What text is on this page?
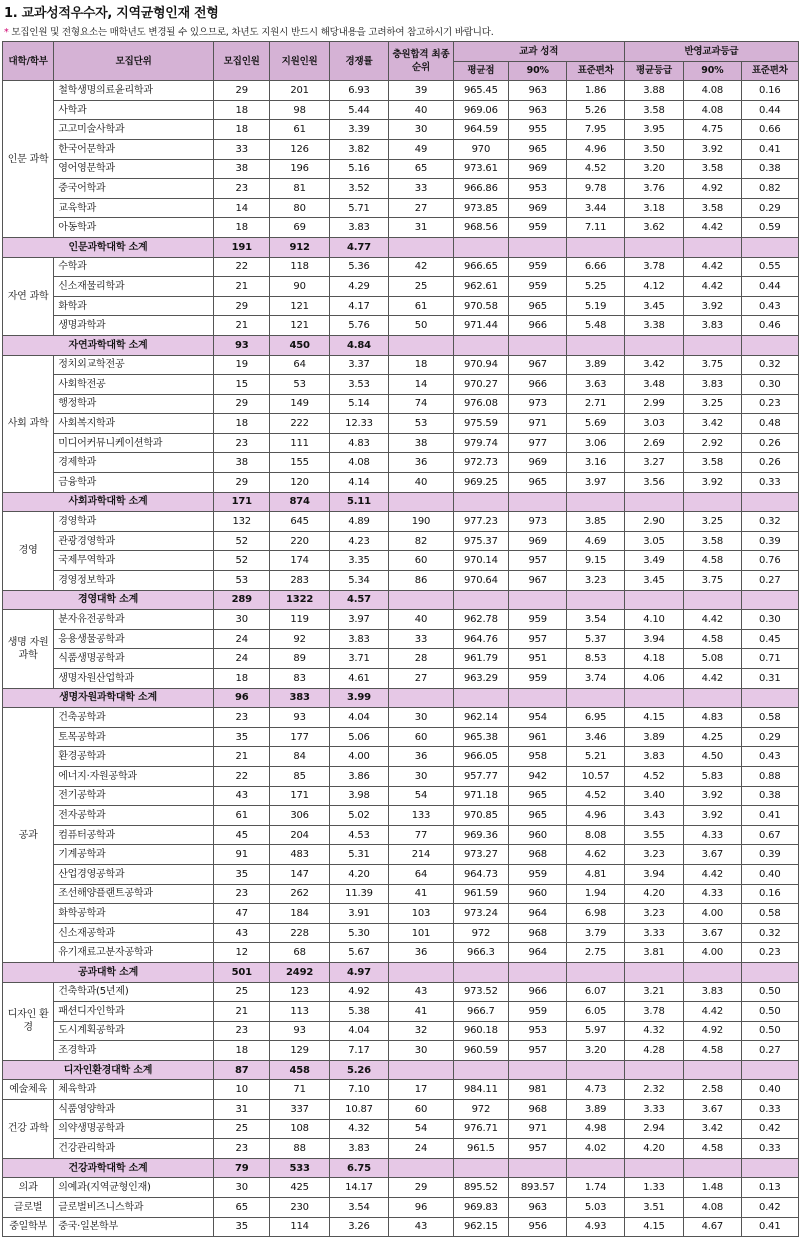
1. 교과성적우수자, 지역균형인재 전형
* 모집인원 및 전형요소는 매학년도 변경될 수 있으므로, 차년도 지원시 반드시 해당내용을 고려하여 참고하시기 바랍니다.
대학/학부	모집단위	모집인원	지원인원	경쟁률	충원합격 최종순위	교과 성적			반영교과등급		
						평균점	90%	표준편차	평균등급	90%	표준편차
인문 과학	철학생명의료윤리학과	29	201	6.93	39	965.45	963	1.86	3.88	4.08	0.16
	사학과	18	98	5.44	40	969.06	963	5.26	3.58	4.08	0.44
	고고미술사학과	18	61	3.39	30	964.59	955	7.95	3.95	4.75	0.66
	한국어문학과	33	126	3.82	49	970	965	4.96	3.50	3.92	0.41
	영어영문학과	38	196	5.16	65	973.61	969	4.52	3.20	3.58	0.38
	중국어학과	23	81	3.52	33	966.86	953	9.78	3.76	4.92	0.82
	교육학과	14	80	5.71	27	973.85	969	3.44	3.18	3.58	0.29
	아동학과	18	69	3.83	31	968.56	959	7.11	3.62	4.42	0.59
인문과학대학 소계		191	912	4.77							
자연 과학	수학과	22	118	5.36	42	966.65	959	6.66	3.78	4.42	0.55
	신소재물리학과	21	90	4.29	25	962.61	959	5.25	4.12	4.42	0.44
	화학과	29	121	4.17	61	970.58	965	5.19	3.45	3.92	0.43
	생명과학과	21	121	5.76	50	971.44	966	5.48	3.38	3.83	0.46
자연과학대학 소계		93	450	4.84							
사회 과학	정치외교학전공	19	64	3.37	18	970.94	967	3.89	3.42	3.75	0.32
	사회학전공	15	53	3.53	14	970.27	966	3.63	3.48	3.83	0.30
	행정학과	29	149	5.14	74	976.08	973	2.71	2.99	3.25	0.23
	사회복지학과	18	222	12.33	53	975.59	971	5.69	3.03	3.42	0.48
	미디어커뮤니케이션학과	23	111	4.83	38	979.74	977	3.06	2.69	2.92	0.26
	경제학과	38	155	4.08	36	972.73	969	3.16	3.27	3.58	0.26
	금융학과	29	120	4.14	40	969.25	965	3.97	3.56	3.92	0.33
사회과학대학 소계		171	874	5.11							
경영	경영학과	132	645	4.89	190	977.23	973	3.85	2.90	3.25	0.32
	관광경영학과	52	220	4.23	82	975.37	969	4.69	3.05	3.58	0.39
	국제무역학과	52	174	3.35	60	970.14	957	9.15	3.49	4.58	0.76
	경영정보학과	53	283	5.34	86	970.64	967	3.23	3.45	3.75	0.27
경영대학 소계		289	1322	4.57							
생명 자원 과학	분자유전공학과	30	119	3.97	40	962.78	959	3.54	4.10	4.42	0.30
	응용생물공학과	24	92	3.83	33	964.76	957	5.37	3.94	4.58	0.45
	식품생명공학과	24	89	3.71	28	961.79	951	8.53	4.18	5.08	0.71
	생명자원산업학과	18	83	4.61	27	963.29	959	3.74	4.06	4.42	0.31
생명자원과학대학 소계		96	383	3.99							
공과	건축공학과	23	93	4.04	30	962.14	954	6.95	4.15	4.83	0.58
	토목공학과	35	177	5.06	60	965.38	961	3.46	3.89	4.25	0.29
	환경공학과	21	84	4.00	36	966.05	958	5.21	3.83	4.50	0.43
	에너지·자원공학과	22	85	3.86	30	957.77	942	10.57	4.52	5.83	0.88
	전기공학과	43	171	3.98	54	971.18	965	4.52	3.40	3.92	0.38
	전자공학과	61	306	5.02	133	970.85	965	4.96	3.43	3.92	0.41
	컴퓨터공학과	45	204	4.53	77	969.36	960	8.08	3.55	4.33	0.67
	기계공학과	91	483	5.31	214	973.27	968	4.62	3.23	3.67	0.39
	산업경영공학과	35	147	4.20	64	964.73	959	4.81	3.94	4.42	0.40
	조선해양플랜트공학과	23	262	11.39	41	961.59	960	1.94	4.20	4.33	0.16
	화학공학과	47	184	3.91	103	973.24	964	6.98	3.23	4.00	0.58
	신소재공학과	43	228	5.30	101	972	968	3.79	3.33	3.67	0.32
	유기재료고분자공학과	12	68	5.67	36	966.3	964	2.75	3.81	4.00	0.23
공과대학 소계		501	2492	4.97							
디자인 환경	건축학과(5년제)	25	123	4.92	43	973.52	966	6.07	3.21	3.83	0.50
	패션디자인학과	21	113	5.38	41	966.7	959	6.05	3.78	4.42	0.50
	도시계획공학과	23	93	4.04	32	960.18	953	5.97	4.32	4.92	0.50
	조경학과	18	129	7.17	30	960.59	957	3.20	4.28	4.58	0.27
디자인환경대학 소계		87	458	5.26							
예술체육	체육학과	10	71	7.10	17	984.11	981	4.73	2.32	2.58	0.40
건강 과학	식품영양학과	31	337	10.87	60	972	968	3.89	3.33	3.67	0.33
	의약생명공학과	25	108	4.32	54	976.71	971	4.98	2.94	3.42	0.42
	건강관리학과	23	88	3.83	24	961.5	957	4.02	4.20	4.58	0.33
건강과학대학 소계		79	533	6.75							
의과	의예과(지역균형인재)	30	425	14.17	29	895.52	893.57	1.74	1.33	1.48	0.13
글로벌	글로벌비즈니스학과	65	230	3.54	96	969.83	963	5.03	3.51	4.08	0.42
중일학부	중국·일본학부	35	114	3.26	43	962.15	956	4.93	4.15	4.67	0.41
